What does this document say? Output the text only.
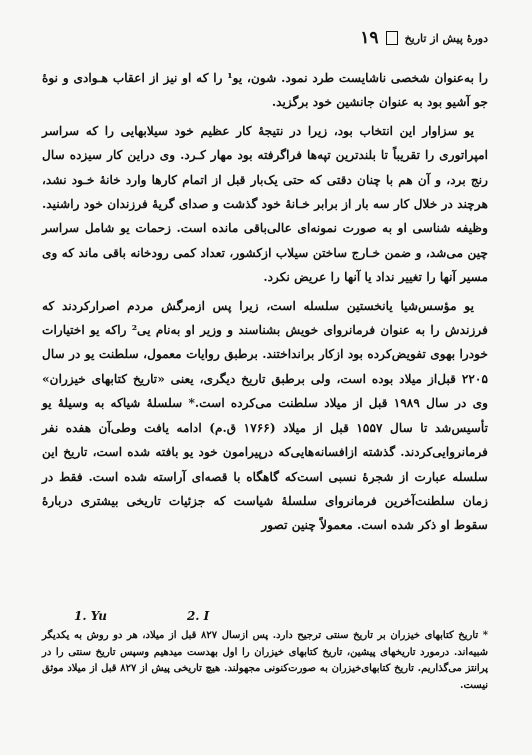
دورهٔ پیش از تاریخ
١٩

را به‌عنوان شخصی ناشایست طرد نمود. شون، یو¹ را که او نیز از اعقاب هـوادی و نوهٔ جو آشیو بود به عنوان جانشین خود برگزید.

یو سزاوار این انتخاب بود، زیرا در نتیجهٔ کار عظیم خود سیلابهایی را که سراسر امپراتوری را تقریباً تا بلندترین تپه‌ها فراگرفته بود مهار کـرد. وی دراین کار سیزده سال رنج برد، و آن هم با چنان دقتی که حتی یک‌بار قبل از اتمام کارها وارد خانهٔ خـود نشد، هرچند در خلال کار سه بار از برابر خـانهٔ خود گذشت و صدای گریهٔ فرزندان خود راشنید. وظیفه شناسی او به صورت نمونه‌ای عالی‌باقی مانده است. زحمات یو شامل سراسر چین می‌شد، و ضمن خـارج ساختن سیلاب ازکشور، تعداد کمی رودخانه باقی ماند که وی مسیر آنها را تغییر نداد یا آنها را عریض نکرد.

یو مؤسس‌شیا یانخستین سلسله است، زیرا پس ازمرگش مردم اصرارکردند که فرزندش را به عنوان فرمانروای خویش بشناسند و وزیر او به‌نام یی² راکه یو اختیارات خودرا بهوی تفویض‌کرده بود ازکار برانداختند. برطبق روایات معمول، سلطنت یو در سال ۲۲۰۵ قبل‌از میلاد بوده است، ولی برطبق تاریخ دیگری، یعنی «تاریخ کتابهای خیزران» وی در سال ۱۹۸۹ قبل از میلاد سلطنت می‌کرده است.* سلسلهٔ شیاکه به وسیلهٔ یو تأسیس‌شد تا سال ۱۵۵۷ قبل از میلاد (۱۷۶۶ ق.م) ادامه یافت وطی‌آن هفده نفر فرمانروایی‌کردند. گذشته ازافسانه‌هایی‌که درپیرامون خود یو بافته شده است، تاریخ این سلسله عبارت از شجرهٔ نسبی است‌که گاهگاه با قصه‌ای آراسته شده است. فقط در زمان سلطنت‌آخرین فرمانروای سلسلهٔ شیاست که جزئیات تاریخی بیشتری دربارهٔ سقوط او ذکر شده است. معمولاً چنین تصور

1. Yu	2. I

* تاریخ کتابهای خیزران بر تاریخ سنتی ترجیح دارد. پس ازسال ۸۲۷ قبل از میلاد، هر دو روش به یکدیگر شبیه‌اند. درمورد تاریخهای پیشین، تاریخ کتابهای خیزران را اول بهدست میدهیم وسپس تاریخ سنتی را در پرانتز می‌گذاریم. تاریخ کتابهای‌خیزران به صورت‌کنونی مجهولند. هیچ تاریخی پیش از ۸۲۷ قبل از میلاد موثق نیست.
